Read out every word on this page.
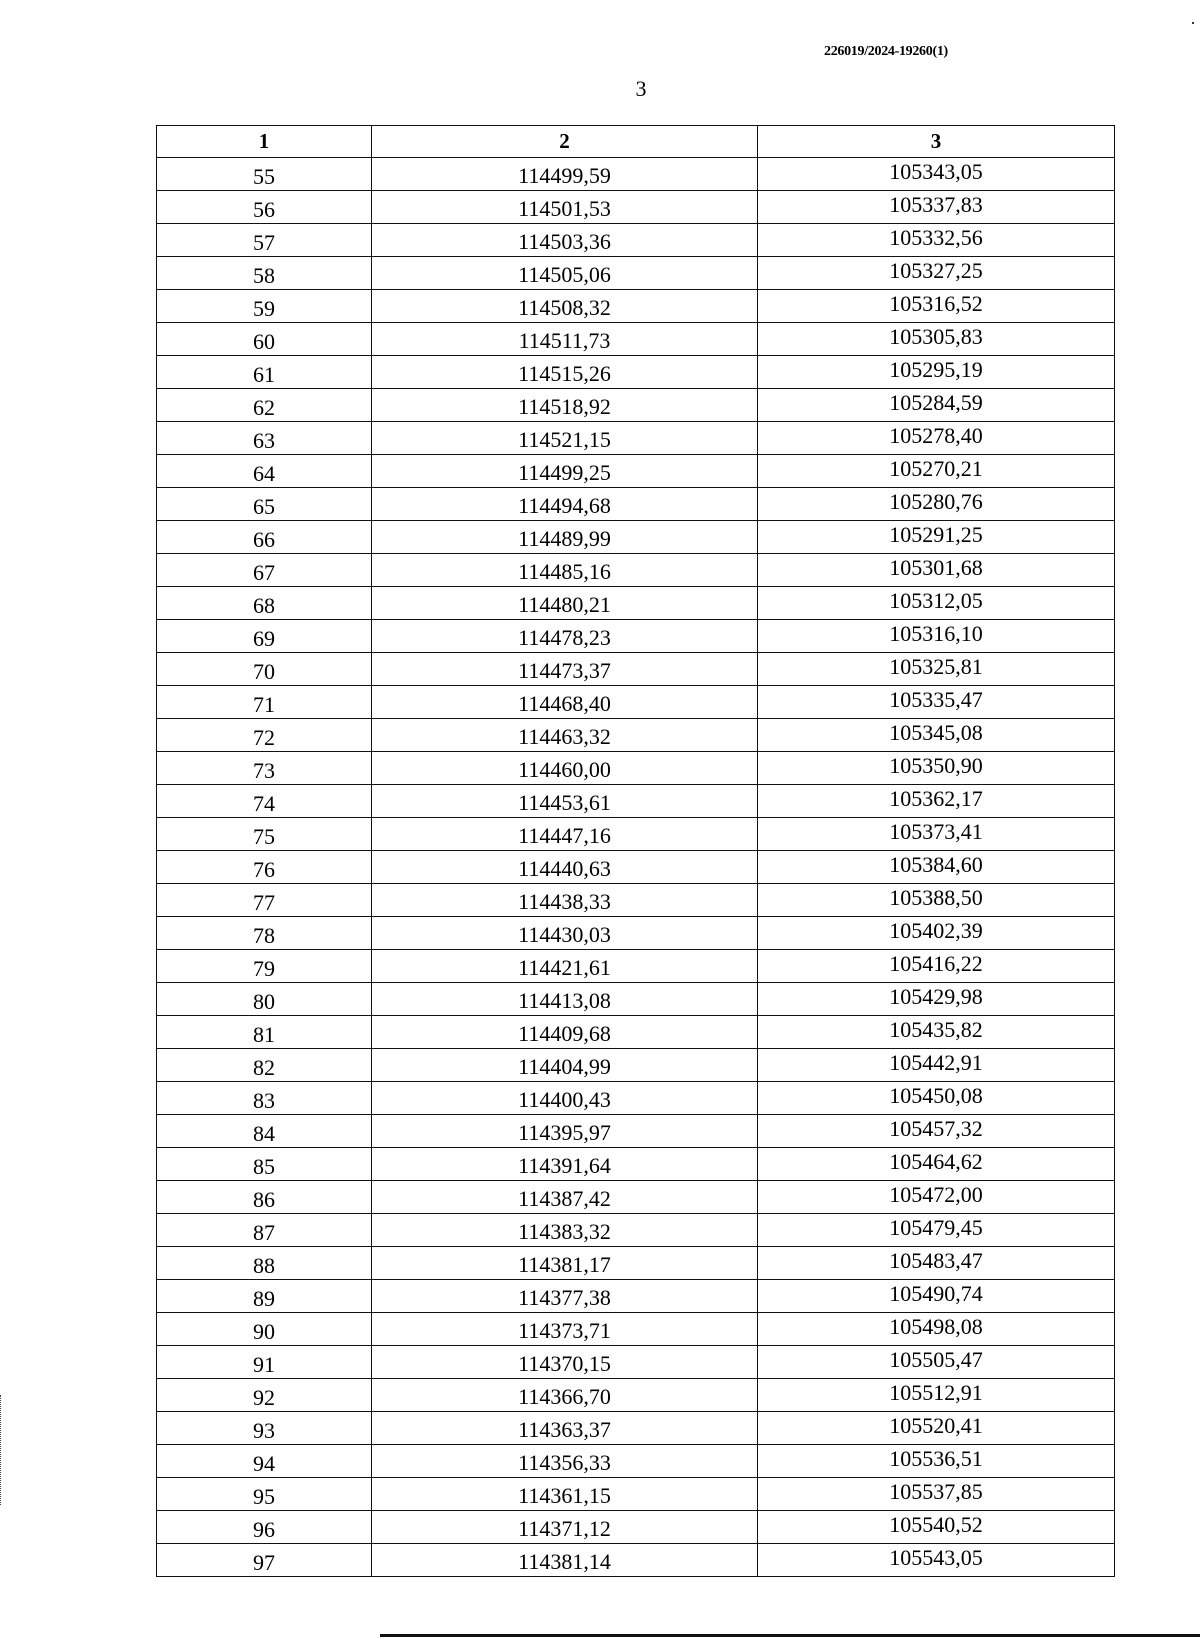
226019/2024-19260(1)
3
1	2	3
55	114499,59	105343,05
56	114501,53	105337,83
57	114503,36	105332,56
58	114505,06	105327,25
59	114508,32	105316,52
60	114511,73	105305,83
61	114515,26	105295,19
62	114518,92	105284,59
63	114521,15	105278,40
64	114499,25	105270,21
65	114494,68	105280,76
66	114489,99	105291,25
67	114485,16	105301,68
68	114480,21	105312,05
69	114478,23	105316,10
70	114473,37	105325,81
71	114468,40	105335,47
72	114463,32	105345,08
73	114460,00	105350,90
74	114453,61	105362,17
75	114447,16	105373,41
76	114440,63	105384,60
77	114438,33	105388,50
78	114430,03	105402,39
79	114421,61	105416,22
80	114413,08	105429,98
81	114409,68	105435,82
82	114404,99	105442,91
83	114400,43	105450,08
84	114395,97	105457,32
85	114391,64	105464,62
86	114387,42	105472,00
87	114383,32	105479,45
88	114381,17	105483,47
89	114377,38	105490,74
90	114373,71	105498,08
91	114370,15	105505,47
92	114366,70	105512,91
93	114363,37	105520,41
94	114356,33	105536,51
95	114361,15	105537,85
96	114371,12	105540,52
97	114381,14	105543,05
